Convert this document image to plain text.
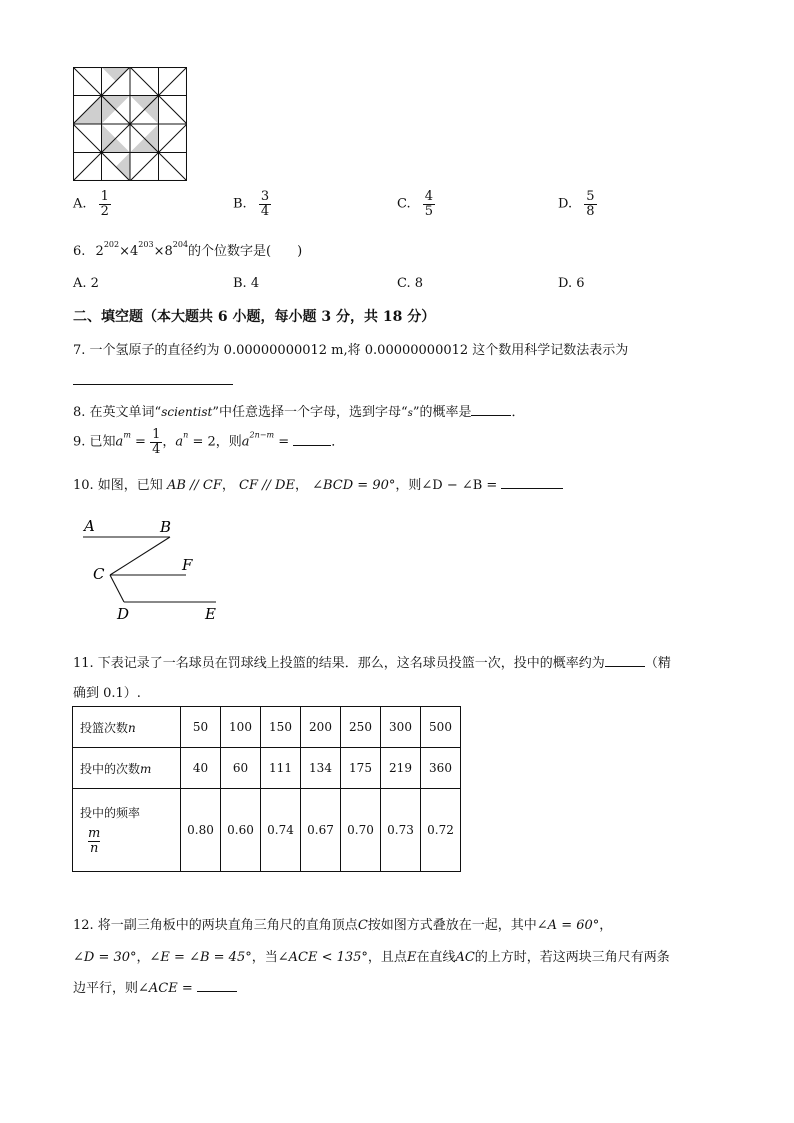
A. $\frac{1}{2}$	B. $\frac{3}{4}$	C. $\frac{4}{5}$	D. $\frac{5}{8}$
6. $2^{202}\times 4^{203}\times 8^{204}$的个位数字是(　　)
A. 2	B. 4	C. 8	D. 6
二、填空题（本大题共 6 小题，每小题 3 分，共 18 分）
7. 一个氢原子的直径约为 0.00000000012 m,将 0.00000000012 这个数用科学记数法表示为
8. 在英文单词“scientist”中任意选择一个字母，选到字母“s”的概率是	．
9. 已知$a^m = \frac{1}{4}$ ，$a^n = 2$，则$a^{2n-m}$ =	．
10. 如图，已知 AB // CF， CF // DE， ∠BCD = 90°，则∠D − ∠B =
A	B
C	F
D	E
11. 下表记录了一名球员在罚球线上投篮的结果．那么，这名球员投篮一次，投中的概率约为	（精
确到 0.1）.
投篮次数n	50	100	150	200	250	300	500
投中的次数m	40	60	111	134	175	219	360

投中的频率
$\frac{m}{n}$	0.80	0.60	0.74	0.67	0.70	0.73	0.72
12. 将一副三角板中的两块直角三角尺的直角顶点C按如图方式叠放在一起，其中∠A = 60°，
∠D = 30°，∠E = ∠B = 45°，当∠ACE < 135°，且点E在直线AC的上方时，若这两块三角尺有两条
边平行，则∠ACE =
